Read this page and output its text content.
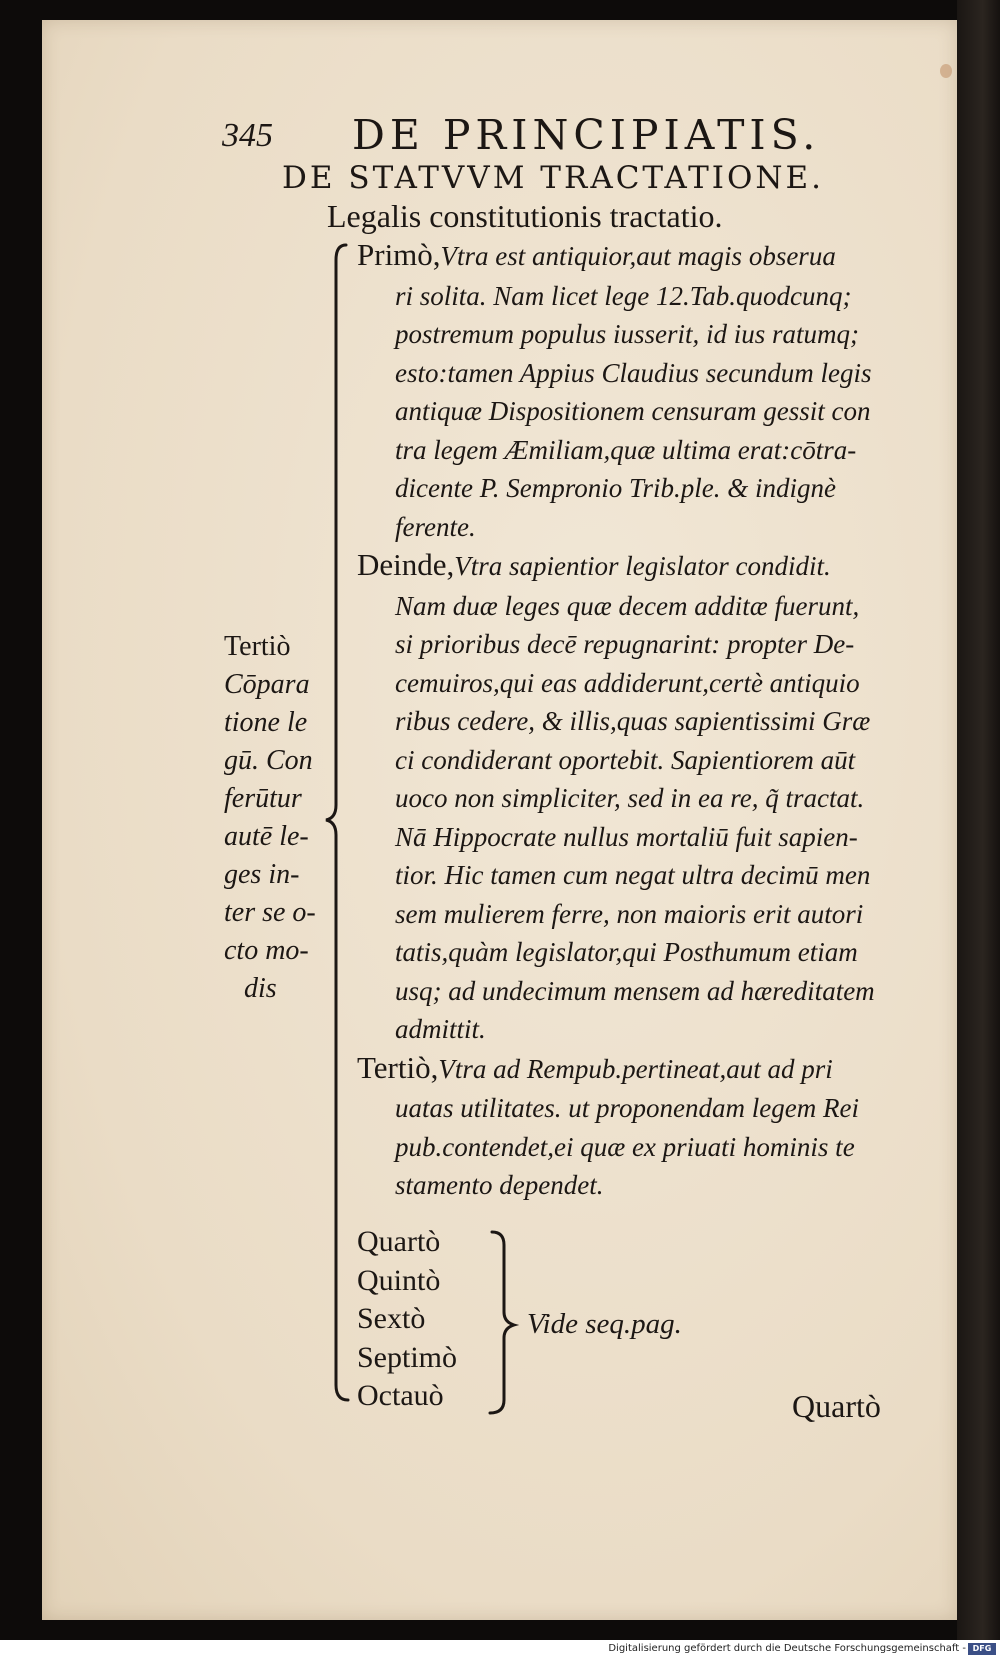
345 DE PRINCIPIATIS.
DE STATVVM TRACTATIONE.
Legalis constitutionis tractatio.
Primò,Vtra est antiquior,aut magis obserua
ri solita. Nam licet lege 12.Tab.quodcunq;
postremum populus iusserit, id ius ratumq;
esto:tamen Appius Claudius secundum legis
antiquæ Dispositionem censuram gessit con
tra legem Æmiliam,quæ ultima erat:cōtra-
dicente P. Sempronio Trib.ple. & indignè
ferente.
Deinde,Vtra sapientior legislator condidit.
Nam duæ leges quæ decem additæ fuerunt,
si prioribus decē repugnarint: propter De-
cemuiros,qui eas addiderunt,certè antiquio
ribus cedere, & illis,quas sapientissimi Græ
ci condiderant oportebit. Sapientiorem aūt
uoco non simpliciter, sed in ea re, q̃ tractat.
Nā Hippocrate nullus mortaliū fuit sapien-
tior. Hic tamen cum negat ultra decimū men
sem mulierem ferre, non maioris erit autori
tatis,quàm legislator,qui Posthumum etiam
usq; ad undecimum mensem ad hæreditatem
admittit.
Tertiò,Vtra ad Rempub.pertineat,aut ad pri
uatas utilitates. ut proponendam legem Rei
pub.contendet,ei quæ ex priuati hominis te
stamento dependet.
Tertiò
Cōpara
tione le
gū. Con
ferūtur
autē le-
ges in-
ter se o-
cto mo-
dis
Quartò
Quintò
Sextò
Septimò
Octauò
Vide seq.pag.
Quartò
Digitalisierung gefördert durch die Deutsche Forschungsgemeinschaft - DFG
